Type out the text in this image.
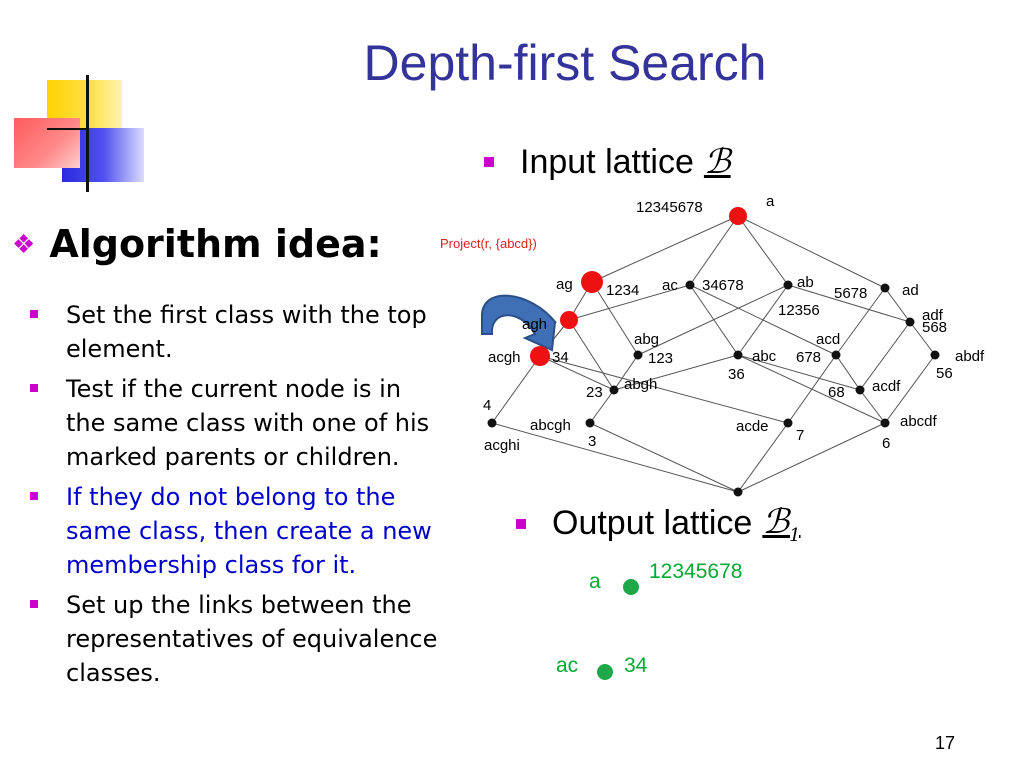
Depth-first Search
❖ Algorithm idea:
Set the first class with the top element.
Test if the current node is in the same class with one of his marked parents or children.
If they do not belong to the same class, then create a new membership class for it.
Set up the links between the representatives of equivalence classes.
Input lattice ℬ
12345678	a
Project(r, {abcd})
ag 1234 ac 34678	ab
5678 ad
12356	adf
568
agh
abg
123
acd
acgh 34	abc 678	abdf
36	56
23 abgh	68 acdf
4
abcgh	acde
7
abcdf
acghi	3	6
Output lattice ℬ$_1$
a 12345678
ac 34
17
